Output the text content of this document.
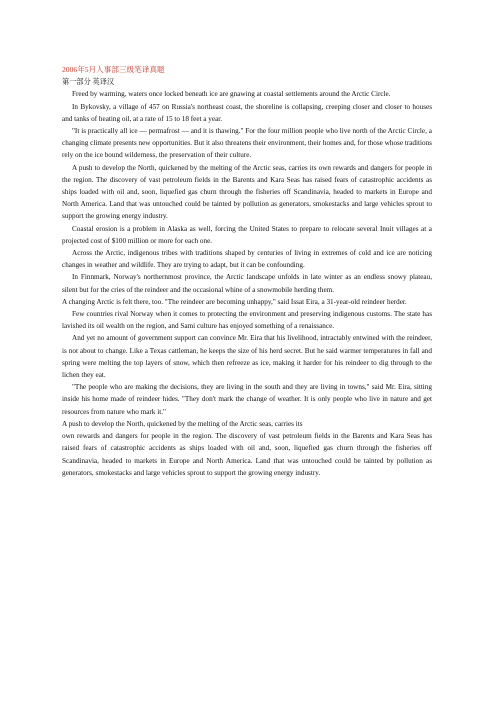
2006年5月人事部三级笔译真题

第一部分 英译汉

Freed by warming, waters once locked beneath ice are gnawing at coastal settlements around the Arctic Circle.

In Bykovsky, a village of 457 on Russia's northeast coast, the shoreline is collapsing, creeping closer and closer to houses and tanks of heating oil, at a rate of 15 to 18 feet a year.

"It is practically all ice — permafrost — and it is thawing." For the four million people who live north of the Arctic Circle, a changing climate presents new opportunities. But it also threatens their environment, their homes and, for those whose traditions rely on the ice bound wilderness, the preservation of their culture.

A push to develop the North, quickened by the melting of the Arctic seas, carries its own rewards and dangers for people in the region. The discovery of vast petroleum fields in the Barents and Kara Seas has raised fears of catastrophic accidents as ships loaded with oil and, soon, liquefied gas churn through the fisheries off Scandinavia, headed to markets in Europe and North America. Land that was untouched could be tainted by pollution as generators, smokestacks and large vehicles sprout to support the growing energy industry.

Coastal erosion is a problem in Alaska as well, forcing the United States to prepare to relocate several Inuit villages at a projected cost of $100 million or more for each one.

Across the Arctic, indigenous tribes with traditions shaped by centuries of living in extremes of cold and ice are noticing changes in weather and wildlife. They are trying to adapt, but it can be confounding.

In Finnmark, Norway's northernmost province, the Arctic landscape unfolds in late winter as an endless snowy plateau, silent but for the cries of the reindeer and the occasional whine of a snowmobile herding them.

A changing Arctic is felt there, too. "The reindeer are becoming unhappy," said Issat Eira, a 31-year-old reindeer herder.

Few countries rival Norway when it comes to protecting the environment and preserving indigenous customs. The state has lavished its oil wealth on the region, and Sami culture has enjoyed something of a renaissance.

And yet no amount of government support can convince Mr. Eira that his livelihood, intractably entwined with the reindeer, is not about to change. Like a Texas cattleman, he keeps the size of his herd secret. But he said warmer temperatures in fall and spring were melting the top layers of snow, which then refreeze as ice, making it harder for his reindeer to dig through to the lichen they eat.

"The people who are making the decisions, they are living in the south and they are living in towns," said Mr. Eira, sitting inside his home made of reindeer hides. "They don't mark the change of weather. It is only people who live in nature and get resources from nature who mark it."

A push to develop the North, quickened by the melting of the Arctic seas, carries its

own rewards and dangers for people in the region. The discovery of vast petroleum fields in the Barents and Kara Seas has raised fears of catastrophic accidents as ships loaded with oil and, soon, liquefied gas churn through the fisheries off Scandinavia, headed to markets in Europe and North America. Land that was untouched could be tainted by pollution as generators, smokestacks and large vehicles sprout to support the growing energy industry.
